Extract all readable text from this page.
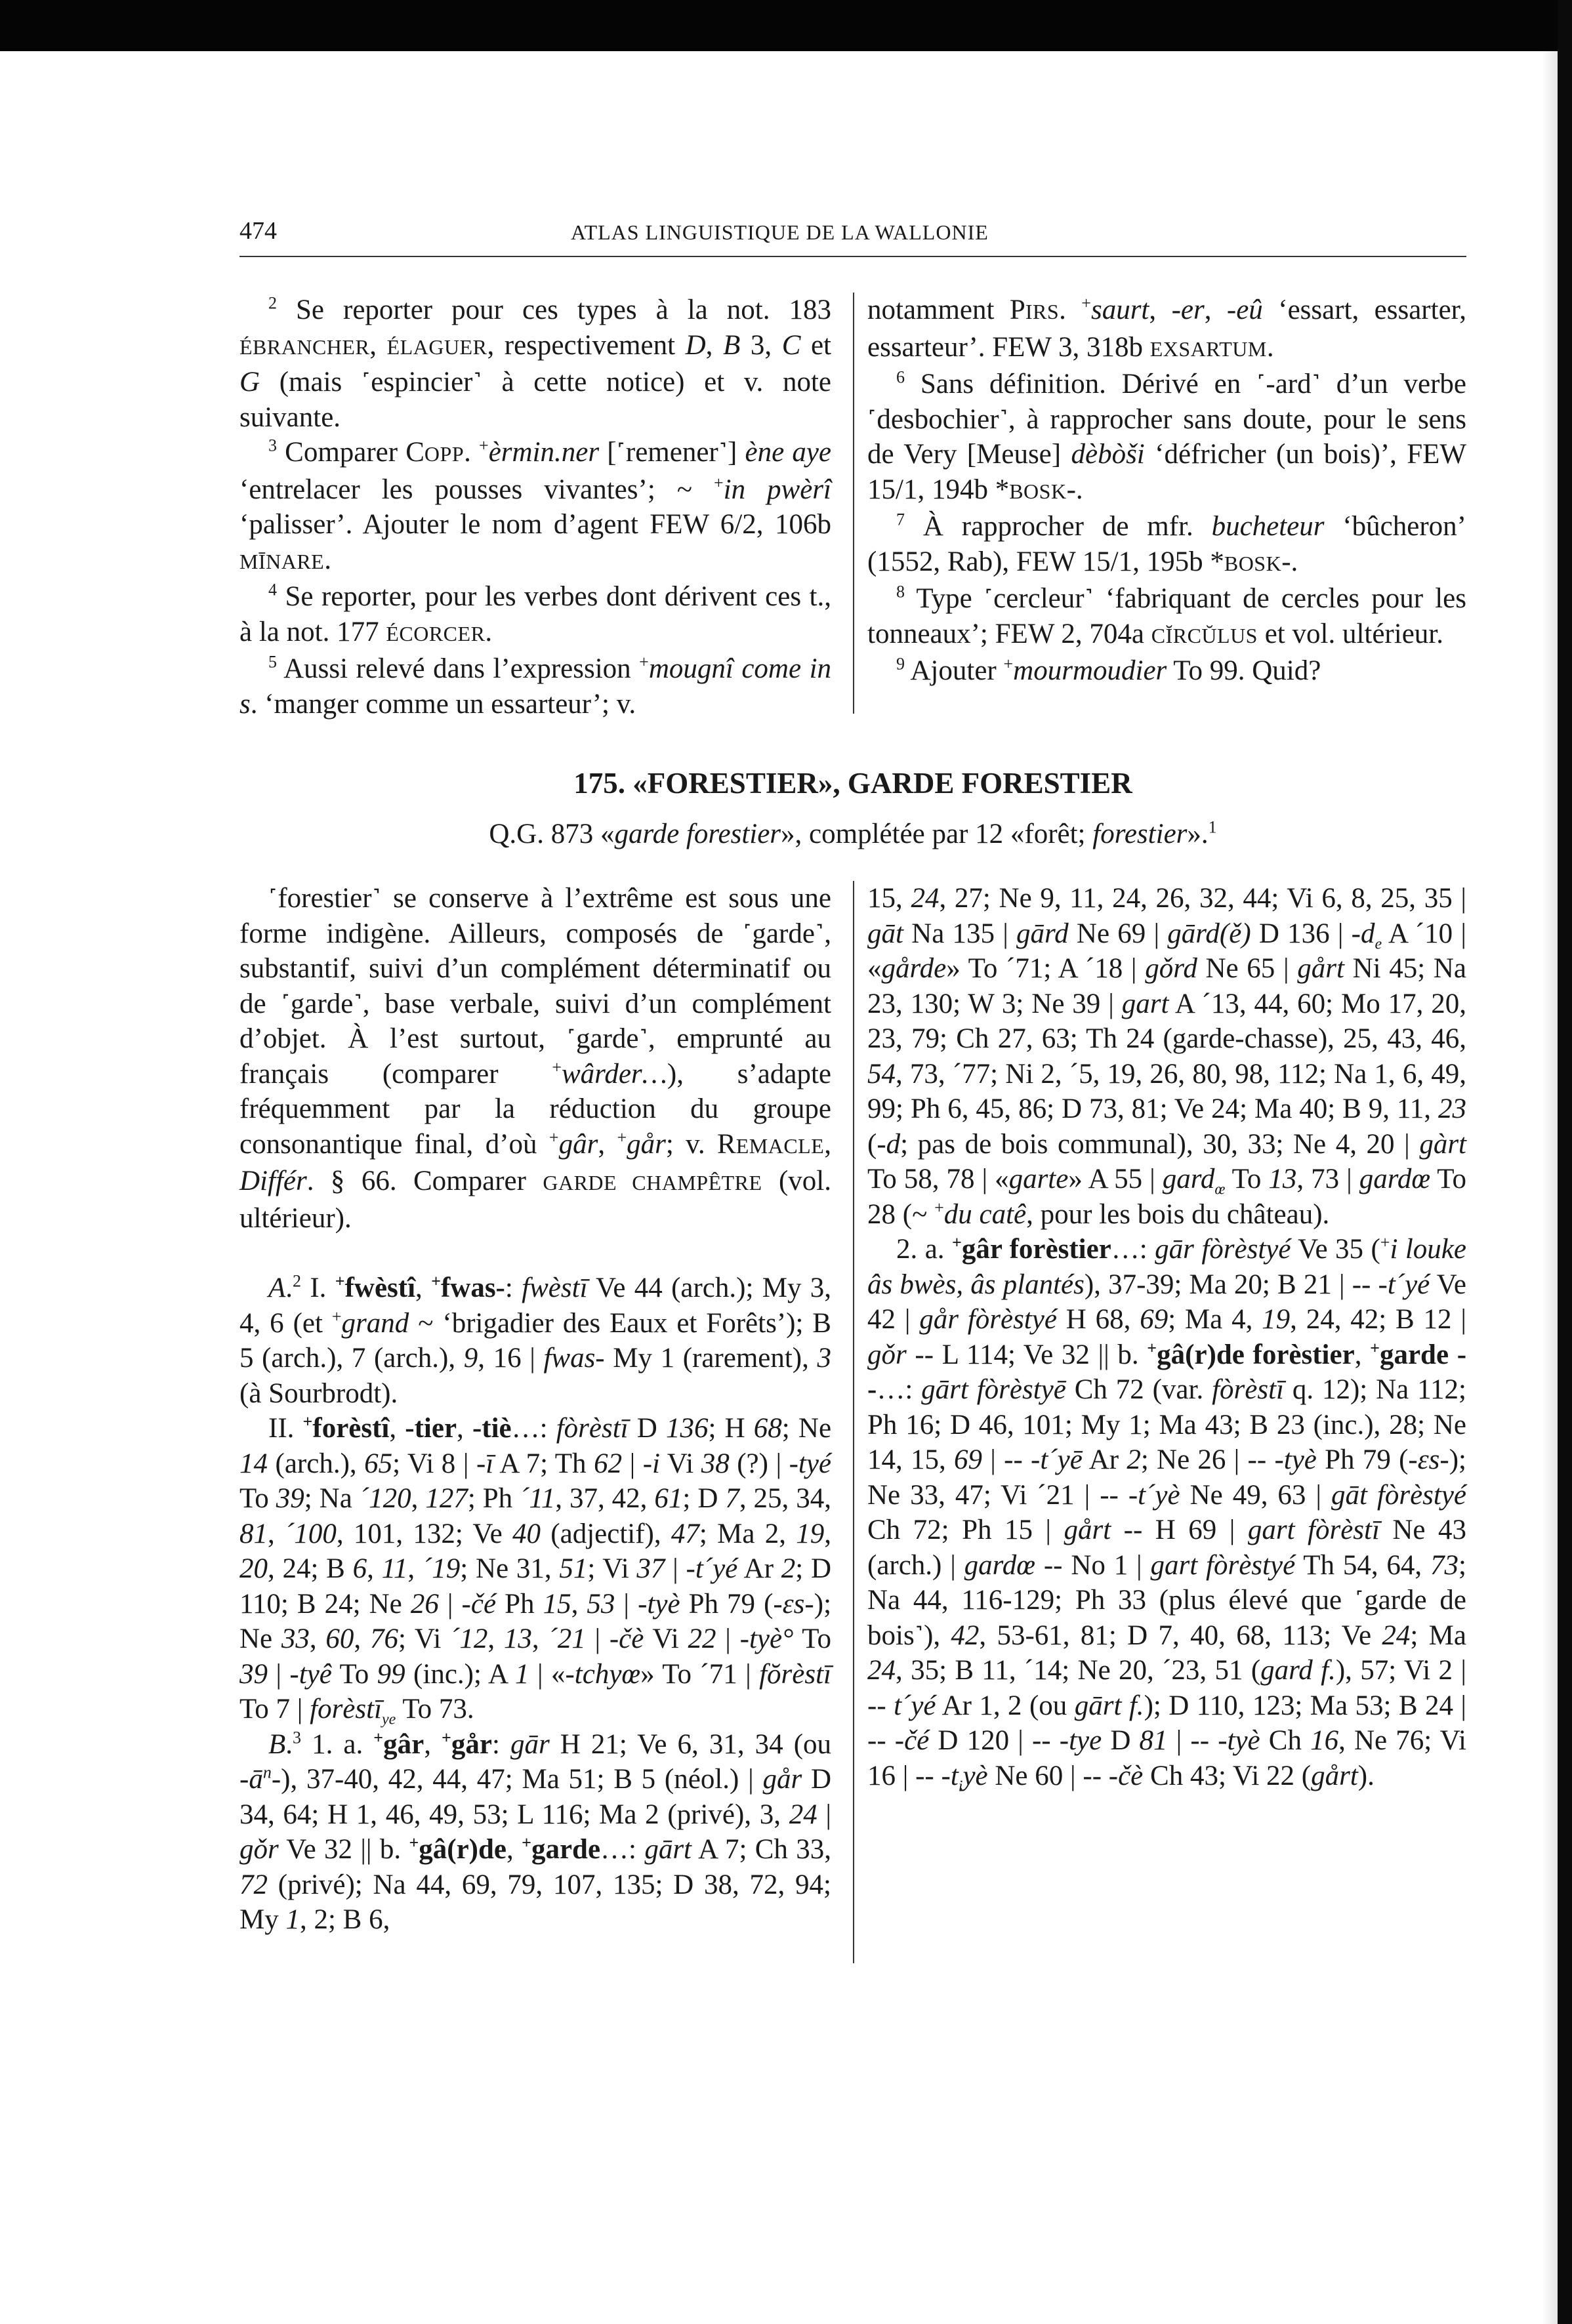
474	ATLAS LINGUISTIQUE DE LA WALLONIE

$^2$ Se reporter pour ces types à la not. 183 ÉBRANCHER, ÉLAGUER, respectivement D, B 3, C et G (mais ˹espincier˺ à cette notice) et v. note suivante.

$^3$ Comparer COPP. +èrmin.ner [˹remener˺] ène aye ‘entrelacer les pousses vivantes’; ~ +in pwèrî ‘palisser’. Ajouter le nom d’agent FEW 6/2, 106b MĪNARE.

$^4$ Se reporter, pour les verbes dont dérivent ces t., à la not. 177 ÉCORCER.

$^5$ Aussi relevé dans l’expression +mougnî come in s. ‘manger comme un essarteur’; v.

notamment PIRS. +saurt, -er, -eû ‘essart, essarter, essarteur’. FEW 3, 318b EXSARTUM.

$^6$ Sans définition. Dérivé en ˹-ard˺ d’un verbe ˹desbochier˺, à rapprocher sans doute, pour le sens de Very [Meuse] dèbòši ‘défricher (un bois)’, FEW 15/1, 194b *BOSK-.

$^7$ À rapprocher de mfr. bucheteur ‘bûcheron’ (1552, Rab), FEW 15/1, 195b *BOSK-.

$^8$ Type ˹cercleur˺ ‘fabriquant de cercles pour les tonneaux’; FEW 2, 704a CĬRCŬLUS et vol. ultérieur.

$^9$ Ajouter +mourmoudier To 99. Quid?

175. «FORESTIER», GARDE FORESTIER
Q.G. 873 «garde forestier», complétée par 12 «forêt; forestier».$^1$

˹forestier˺ se conserve à l’extrême est sous une forme indigène. Ailleurs, composés de ˹garde˺, substantif, suivi d’un complément déterminatif ou de ˹garde˺, base verbale, suivi d’un complément d’objet. À l’est surtout, ˹garde˺, emprunté au français (comparer +wârder…), s’adapte fréquemment par la réduction du groupe consonantique final, d’où +gâr, +går; v. REMACLE, Différ. § 66. Comparer GARDE CHAMPÊTRE (vol. ultérieur).

A.$^2$ I. +fwèstî, +fwas-: fwèstī Ve 44 (arch.); My 3, 4, 6 (et +grand ~ ‘brigadier des Eaux et Forêts’); B 5 (arch.), 7 (arch.), 9, 16 | fwas- My 1 (rarement), 3 (à Sourbrodt).

II. +forèstî, -tier, -tiè…: fòrèstī D 136; H 68; Ne 14 (arch.), 65; Vi 8 | -ī A 7; Th 62 | -i Vi 38 (?) | -tyé To 39; Na ´120, 127; Ph ´11, 37, 42, 61; D 7, 25, 34, 81, ´100, 101, 132; Ve 40 (adjectif), 47; Ma 2, 19, 20, 24; B 6, 11, ´19; Ne 31, 51; Vi 37 | -t´yé Ar 2; D 110; B 24; Ne 26 | -čé Ph 15, 53 | -tyè Ph 79 (-ɛs-); Ne 33, 60, 76; Vi ´12, 13, ´21 | -čè Vi 22 | -tyè° To 39 | -tyê To 99 (inc.); A 1 | «-tchyœ» To ´71 | fŏrèstī To 7 | forèstī$_{ye}$ To 73.

B.$^3$ 1. a. +gâr, +går: gār H 21; Ve 6, 31, 34 (ou $-ā^n-$), 37-40, 42, 44, 47; Ma 51; B 5 (néol.) | går D 34, 64; H 1, 46, 49, 53; L 116; Ma 2 (privé), 3, 24 | gǒr Ve 32 || b. +gâ(r)de, +garde…: gārt A 7; Ch 33, 72 (privé); Na 44, 69, 79, 107, 135; D 38, 72, 94; My 1, 2; B 6,

15, 24, 27; Ne 9, 11, 24, 26, 32, 44; Vi 6, 8, 25, 35 | gāt Na 135 | gārd Ne 69 | gārd(ě) D 136 | $-d_e$ A ´10 | «gårde» To ´71; A ´18 | gǒrd Ne 65 | gårt Ni 45; Na 23, 130; W 3; Ne 39 | gart A ´13, 44, 60; Mo 17, 20, 23, 79; Ch 27, 63; Th 24 (garde-chasse), 25, 43, 46, 54, 73, ´77; Ni 2, ´5, 19, 26, 80, 98, 112; Na 1, 6, 49, 99; Ph 6, 45, 86; D 73, 81; Ve 24; Ma 40; B 9, 11, 23 (-d; pas de bois communal), 30, 33; Ne 4, 20 | gàrt To 58, 78 | «garte» A 55 | gard$_œ$ To 13, 73 | gardœ To 28 (~ +du catê, pour les bois du château).

2. a. +gâr forèstier…: gār fòrèstyé Ve 35 (+i louke âs bwès, âs plantés), 37-39; Ma 20; B 21 | -- -t´yé Ve 42 | går fòrèstyé H 68, 69; Ma 4, 19, 24, 42; B 12 | gǒr -- L 114; Ve 32 || b. +gâ(r)de forèstier, +garde --…: gārt fòrèstyē Ch 72 (var. fòrèstī q. 12); Na 112; Ph 16; D 46, 101; My 1; Ma 43; B 23 (inc.), 28; Ne 14, 15, 69 | -- -t´yē Ar 2; Ne 26 | -- -tyè Ph 79 (-ɛs-); Ne 33, 47; Vi ´21 | -- -t´yè Ne 49, 63 | gāt fòrèstyé Ch 72; Ph 15 | gårt -- H 69 | gart fòrèstī Ne 43 (arch.) | gardœ -- No 1 | gart fòrèstyé Th 54, 64, 73; Na 44, 116-129; Ph 33 (plus élevé que ˹garde de bois˺), 42, 53-61, 81; D 7, 40, 68, 113; Ve 24; Ma 24, 35; B 11, ´14; Ne 20, ´23, 51 (gard f.), 57; Vi 2 | -- t´yé Ar 1, 2 (ou gārt f.); D 110, 123; Ma 53; B 24 | -- -čé D 120 | -- -tye D 81 | -- -tyè Ch 16, Ne 76; Vi 16 | -- $-t_iyè$ Ne 60 | -- -čè Ch 43; Vi 22 (gårt).
